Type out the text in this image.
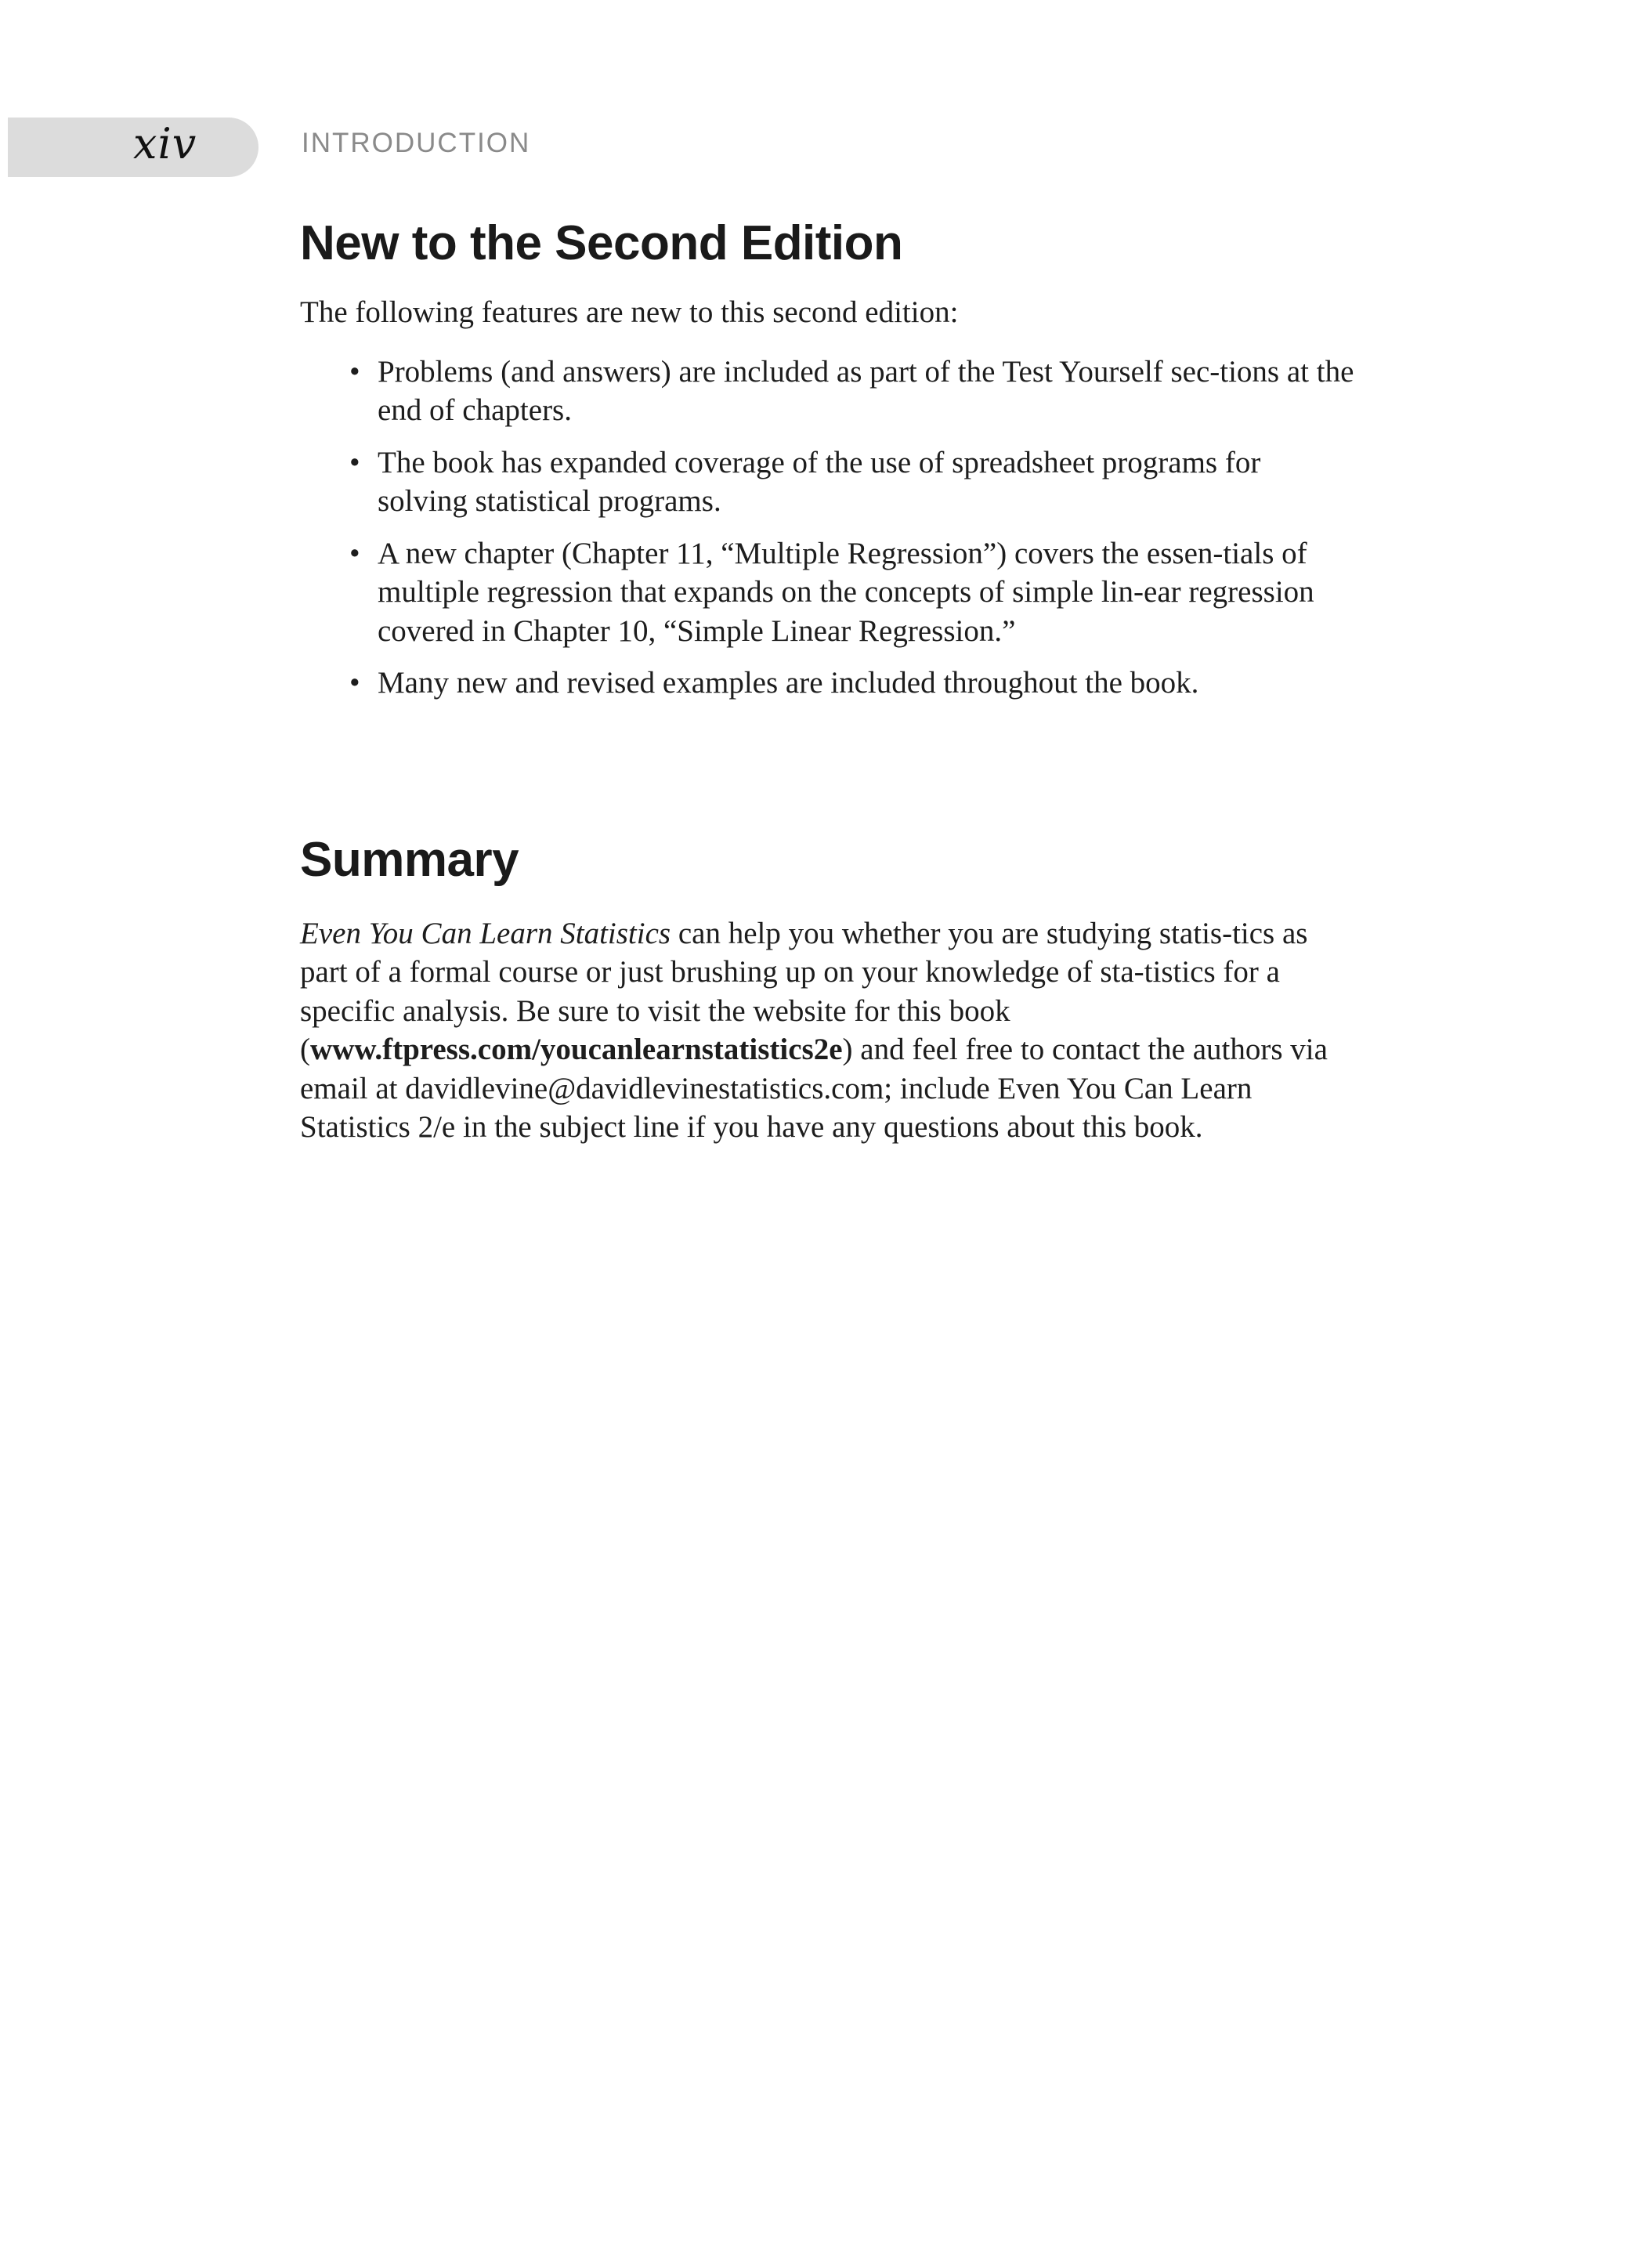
xiv	INTRODUCTION
New to the Second Edition

The following features are new to this second edition:

• Problems (and answers) are included as part of the Test Yourself sec-tions at the end of chapters.
• The book has expanded coverage of the use of spreadsheet programs for solving statistical programs.
• A new chapter (Chapter 11, “Multiple Regression”) covers the essen-tials of multiple regression that expands on the concepts of simple lin-ear regression covered in Chapter 10, “Simple Linear Regression.”
• Many new and revised examples are included throughout the book.
Summary

Even You Can Learn Statistics can help you whether you are studying statis-tics as part of a formal course or just brushing up on your knowledge of sta-tistics for a specific analysis. Be sure to visit the website for this book (www.ftpress.com/youcanlearnstatistics2e) and feel free to contact the authors via email at davidlevine@davidlevinestatistics.com; include Even You Can Learn Statistics 2/e in the subject line if you have any questions about this book.
